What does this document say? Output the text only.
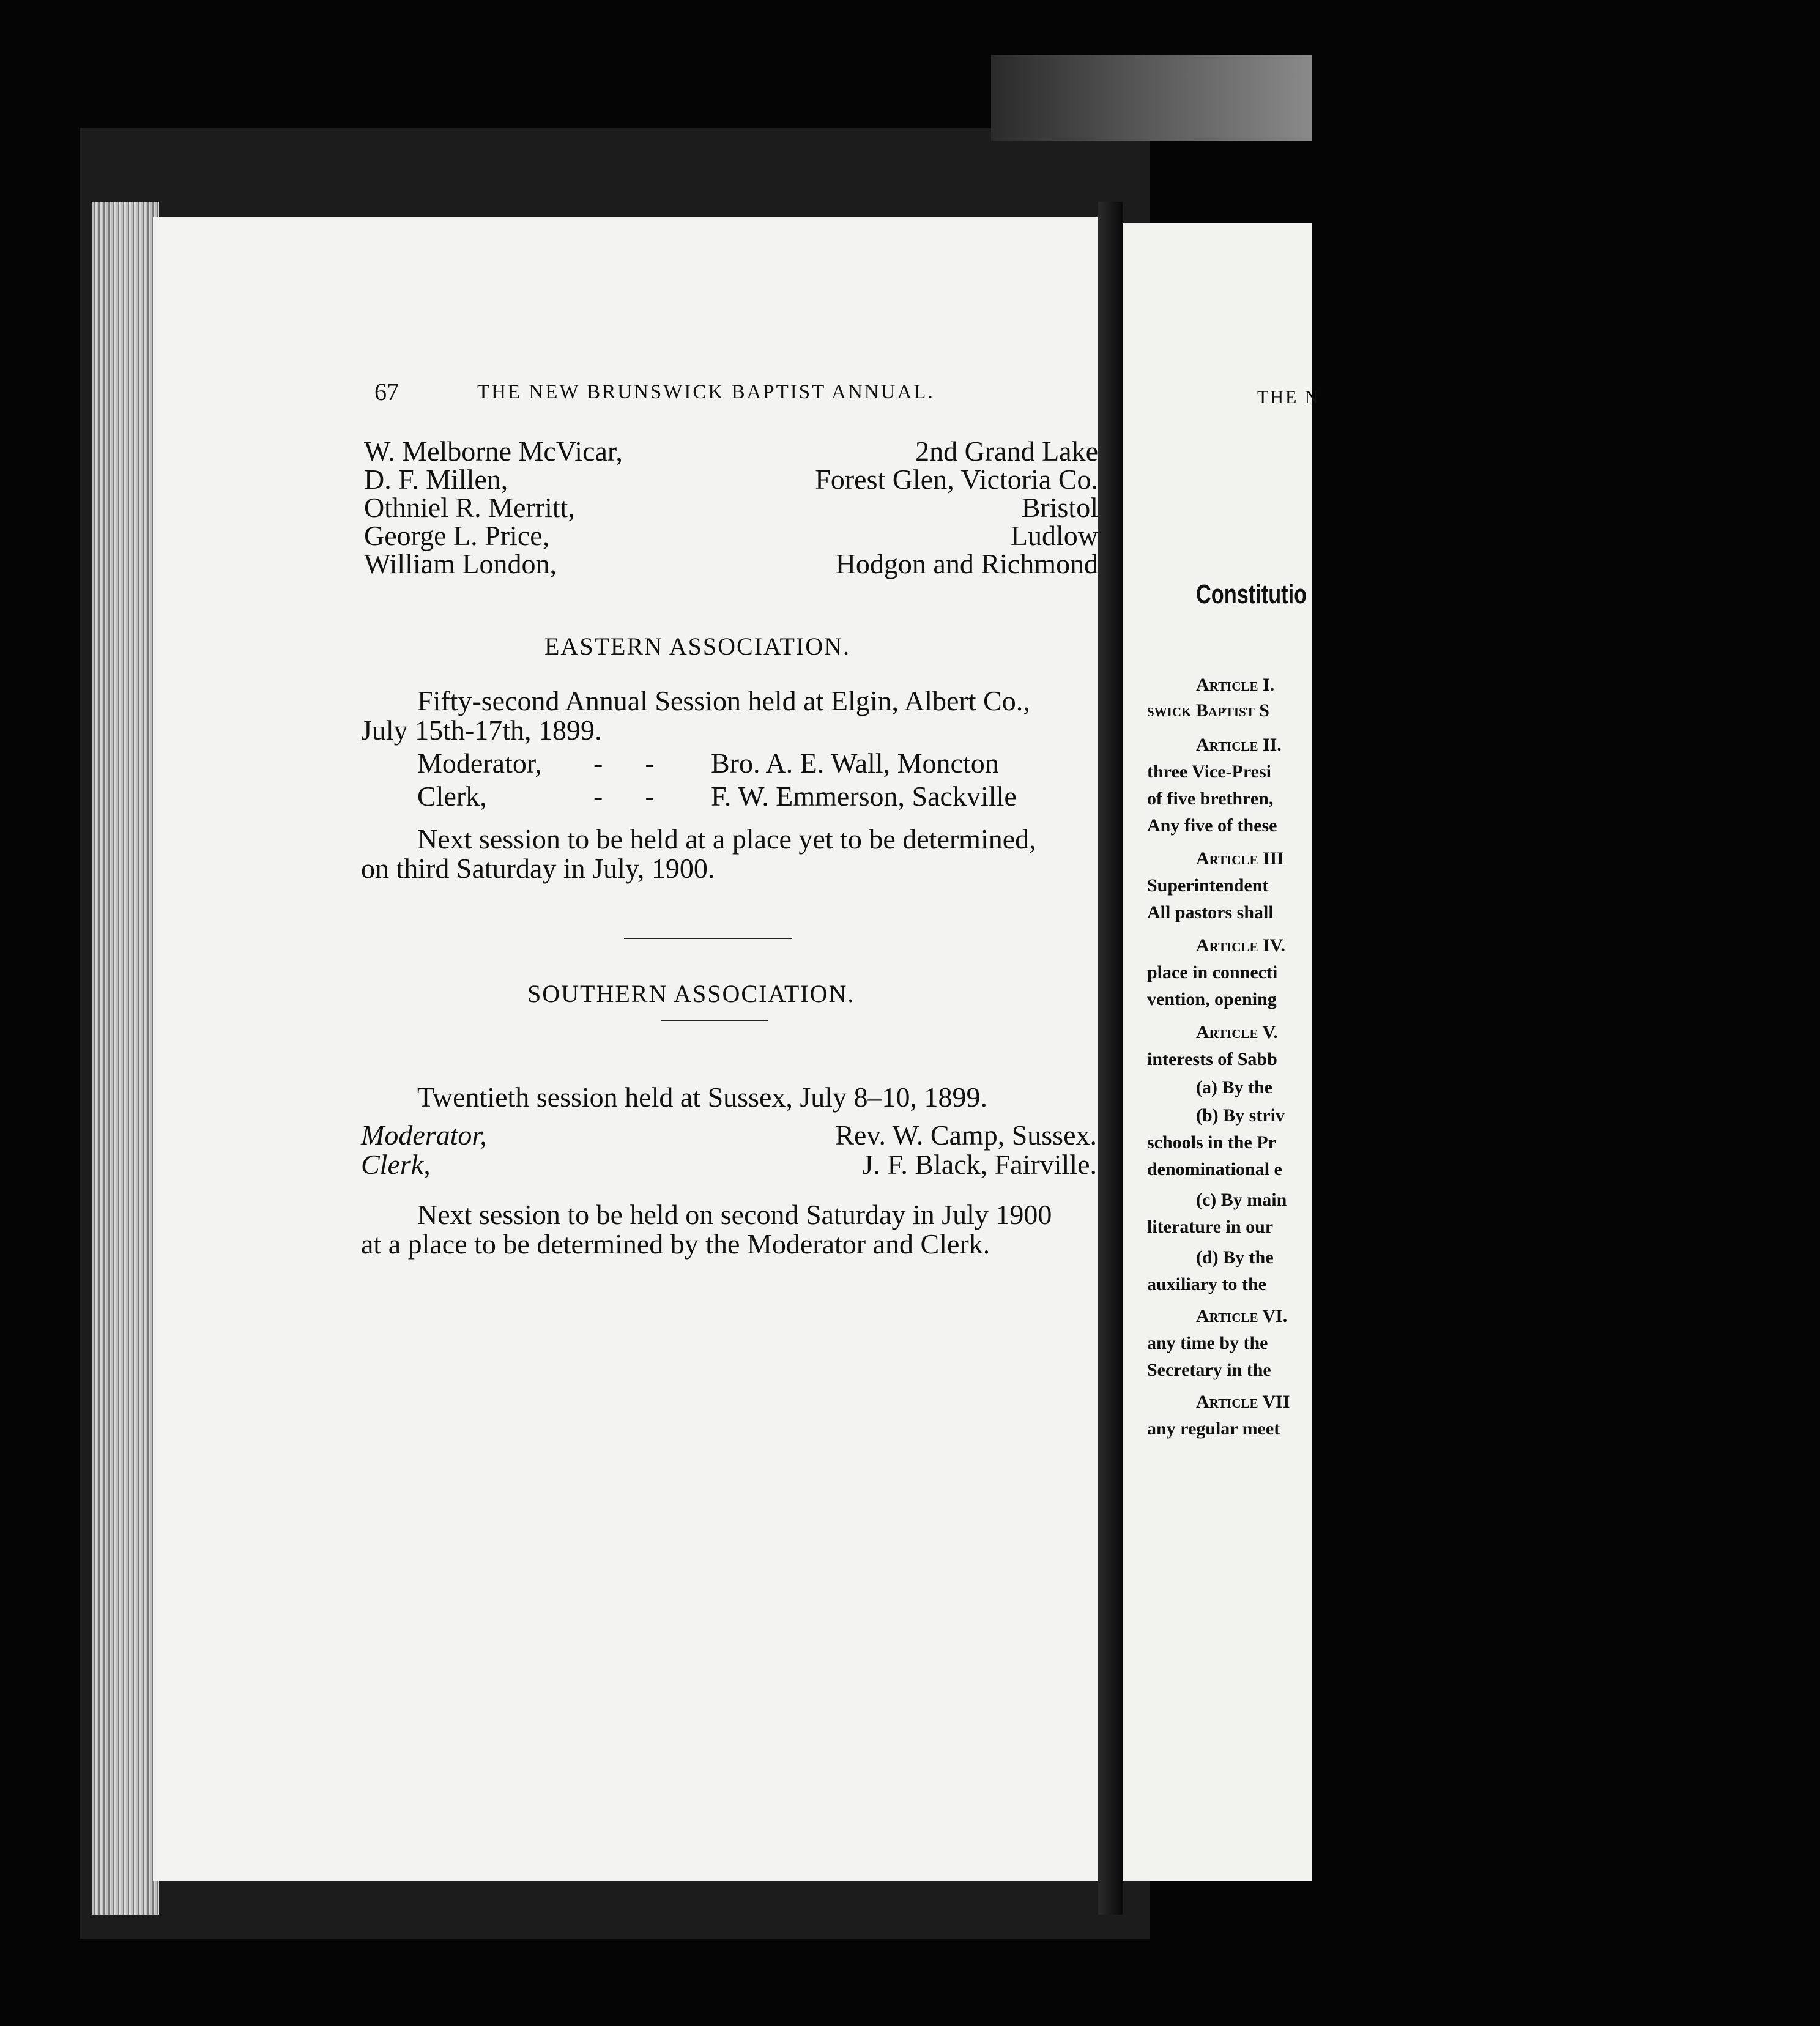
67	THE NEW BRUNSWICK BAPTIST ANNUAL.
W. Melborne McVicar,	2nd Grand Lake
D. F. Millen,	Forest Glen, Victoria Co.
Othniel R. Merritt,	Bristol
George L. Price,	Ludlow
William London,	Hodgon and Richmond
EASTERN ASSOCIATION.
Fifty-second Annual Session held at Elgin, Albert Co.,
July 15th-17th, 1899.
Moderator, -      - Bro. A. E. Wall, Moncton
Clerk,	-      - F. W. Emmerson, Sackville
Next session to be held at a place yet to be determined,
on third Saturday in July, 1900.
SOUTHERN ASSOCIATION.
Twentieth session held at Sussex, July 8–10, 1899.
Moderator,	Rev. W. Camp, Sussex.
Clerk,	J. F. Black, Fairville.
Next session to be held on second Saturday in July 1900
at a place to be determined by the Moderator and Clerk.
THE N
Constitutio
Article I.
swick Baptist S
Article II.
three Vice-Presi
of five brethren,
Any five of these
Article III
Superintendent
All pastors shall
Article IV.
place in connecti
vention, opening
Article V.
interests of Sabb
(a) By the
(b) By striv
schools in the Pr
denominational e
(c) By main
literature in our
(d) By the
auxiliary to the
Article VI.
any time by the
Secretary in the
Article VII
any regular meet
